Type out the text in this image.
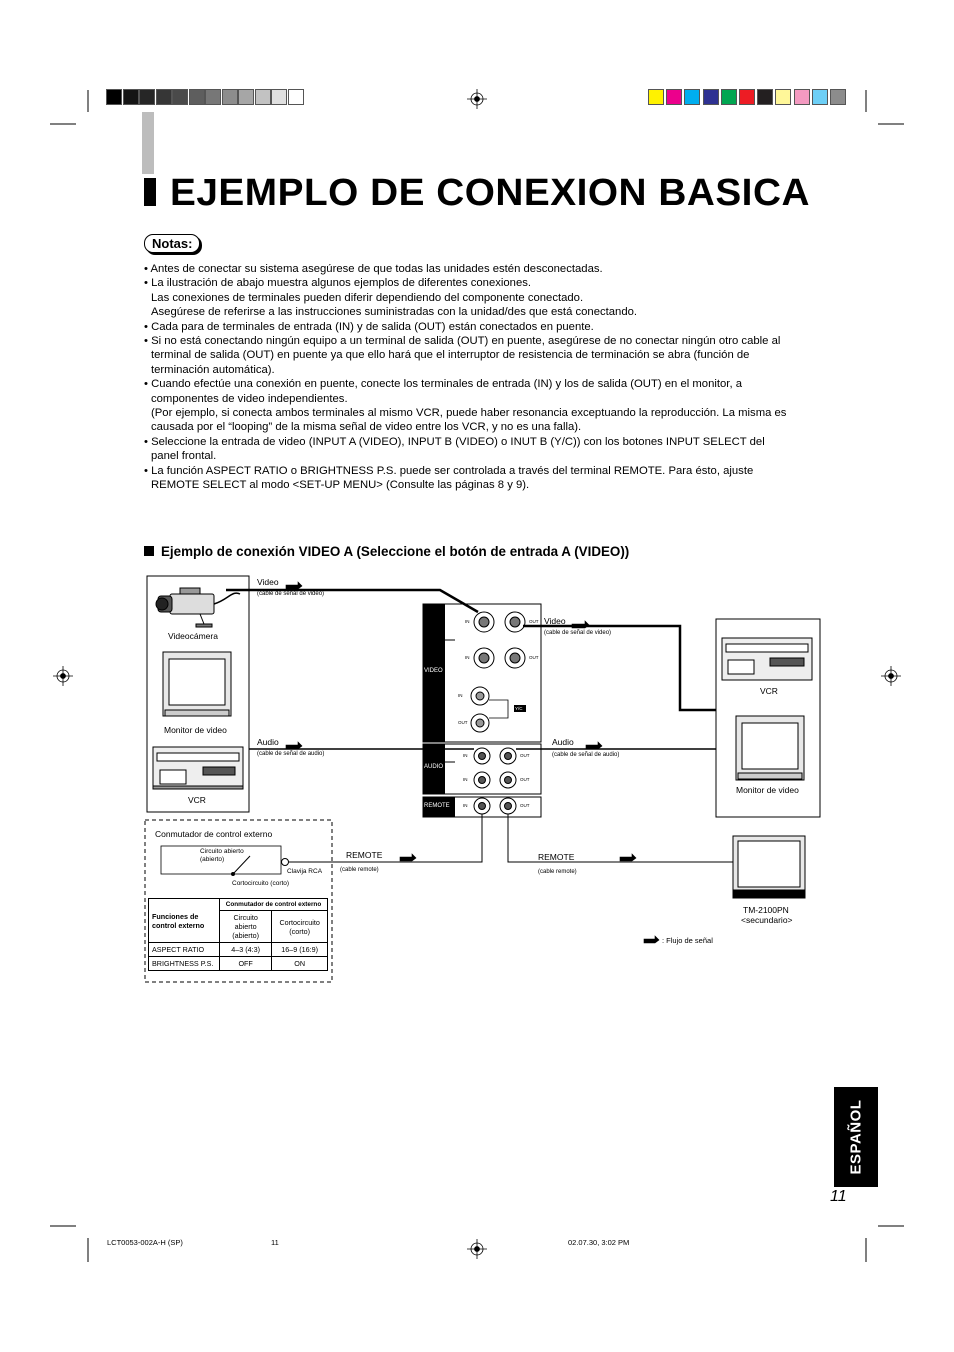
EJEMPLO DE CONEXION BASICA
Notas:

• Antes de conectar su sistema asegúrese de que todas las unidades estén desconectadas.

• La ilustración de abajo muestra algunos ejemplos de diferentes conexiones.

Las conexiones de terminales pueden diferir dependiendo del componente conectado.

Asegúrese de referirse a las instrucciones suministradas con la unidad/des que está conectando.

• Cada para de terminales de entrada (IN) y de salida (OUT) están conectados en puente.

• Si no está conectando ningún equipo a un terminal de salida (OUT) en puente, asegúrese de no conectar ningún otro cable al

terminal de salida (OUT) en puente ya que ello hará que el interruptor de resistencia de terminación se abra (función de

terminación automática).

• Cuando efectúe una conexión en puente, conecte los terminales de entrada (IN) y los de salida (OUT) en el monitor, a

componentes de video independientes.

(Por ejemplo, si conecta ambos terminales al mismo VCR, puede haber resonancia exceptuando la reproducción. La misma es

causada por el “looping” de la misma señal de video entre los VCR, y no es una falla).

• Seleccione la entrada de video (INPUT A (VIDEO), INPUT B (VIDEO) o INUT B (Y/C)) con los botones INPUT SELECT del

panel frontal.

• La función ASPECT RATIO o BRIGHTNESS P.S. puede ser controlada a través del terminal REMOTE. Para ésto, ajuste

REMOTE SELECT al modo <SET-UP MENU> (Consulte las páginas 8 y 9).

Ejemplo de conexión VIDEO A (Seleccione el botón de entrada A (VIDEO))
Videocámera
Monitor de video
VCR
VCR
Monitor de video
Video
(cable de señal de video)
Video
(cable de señal de video)
Audio
(cable de señal de audio)
Audio
(cable de señal de audio)
REMOTE
(cable remote)
REMOTE
(cable remote)
VIDEO
AUDIO
REMOTE
A
B
A
B
IN	OUT
IN	OUT
IN
OUT
Y/C
IN	OUT
IN	OUT
IN	OUT
Conmutador de control externo
Circuito abierto
(abierto)
Cortocircuito (corto)
Clavija RCA
Funciones de control externo	Conmutador de control externo	
	Circuito abierto (abierto)	Cortocircuito (corto)
ASPECT RATIO	4–3 (4:3)	16–9 (16:9)
BRIGHTNESS P.S.	OFF	ON
TM-2100PN
<secundario>
: Flujo de señal
ESPAÑOL
11
LCT0053-002A-H (SP)	11	02.07.30, 3:02 PM
